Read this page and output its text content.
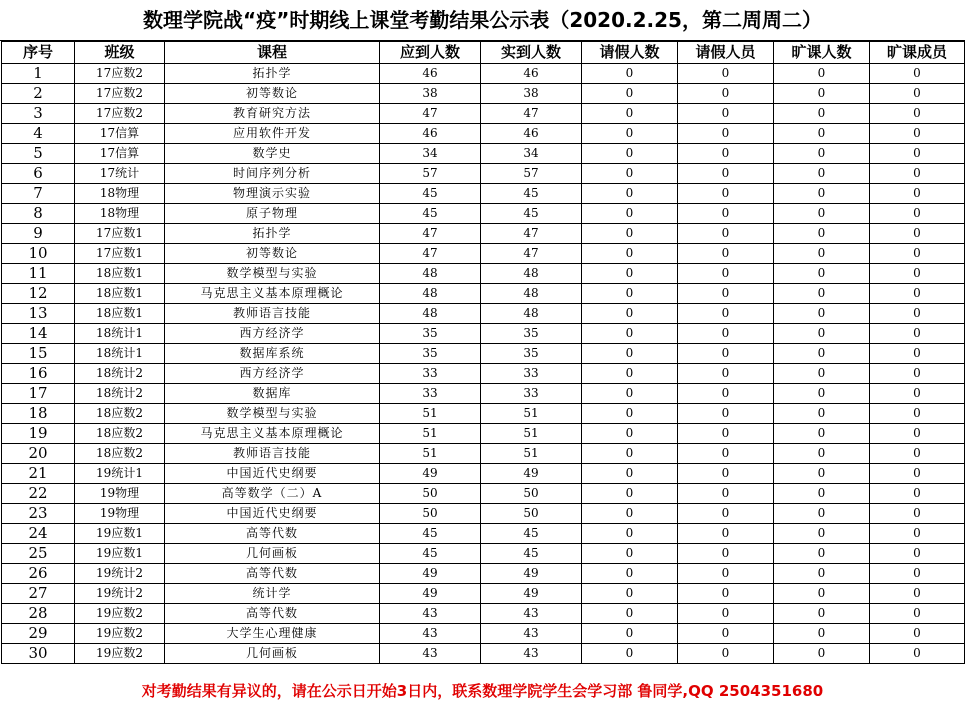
数理学院战“疫”时期线上课堂考勤结果公示表（2020.2.25，第二周周二）
序号	班级	课程	应到人数	实到人数	请假人数	请假人员	旷课人数	旷课成员
1	17应数2	拓扑学	46	46	0	0	0	0
2	17应数2	初等数论	38	38	0	0	0	0
3	17应数2	教育研究方法	47	47	0	0	0	0
4	17信算	应用软件开发	46	46	0	0	0	0
5	17信算	数学史	34	34	0	0	0	0
6	17统计	时间序列分析	57	57	0	0	0	0
7	18物理	物理演示实验	45	45	0	0	0	0
8	18物理	原子物理	45	45	0	0	0	0
9	17应数1	拓扑学	47	47	0	0	0	0
10	17应数1	初等数论	47	47	0	0	0	0
11	18应数1	数学模型与实验	48	48	0	0	0	0
12	18应数1	马克思主义基本原理概论	48	48	0	0	0	0
13	18应数1	教师语言技能	48	48	0	0	0	0
14	18统计1	西方经济学	35	35	0	0	0	0
15	18统计1	数据库系统	35	35	0	0	0	0
16	18统计2	西方经济学	33	33	0	0	0	0
17	18统计2	数据库	33	33	0	0	0	0
18	18应数2	数学模型与实验	51	51	0	0	0	0
19	18应数2	马克思主义基本原理概论	51	51	0	0	0	0
20	18应数2	教师语言技能	51	51	0	0	0	0
21	19统计1	中国近代史纲要	49	49	0	0	0	0
22	19物理	高等数学（二）A	50	50	0	0	0	0
23	19物理	中国近代史纲要	50	50	0	0	0	0
24	19应数1	高等代数	45	45	0	0	0	0
25	19应数1	几何画板	45	45	0	0	0	0
26	19统计2	高等代数	49	49	0	0	0	0
27	19统计2	统计学	49	49	0	0	0	0
28	19应数2	高等代数	43	43	0	0	0	0
29	19应数2	大学生心理健康	43	43	0	0	0	0
30	19应数2	几何画板	43	43	0	0	0	0
对考勤结果有异议的，请在公示日开始3日内，联系数理学院学生会学习部 鲁同学,QQ 2504351680
